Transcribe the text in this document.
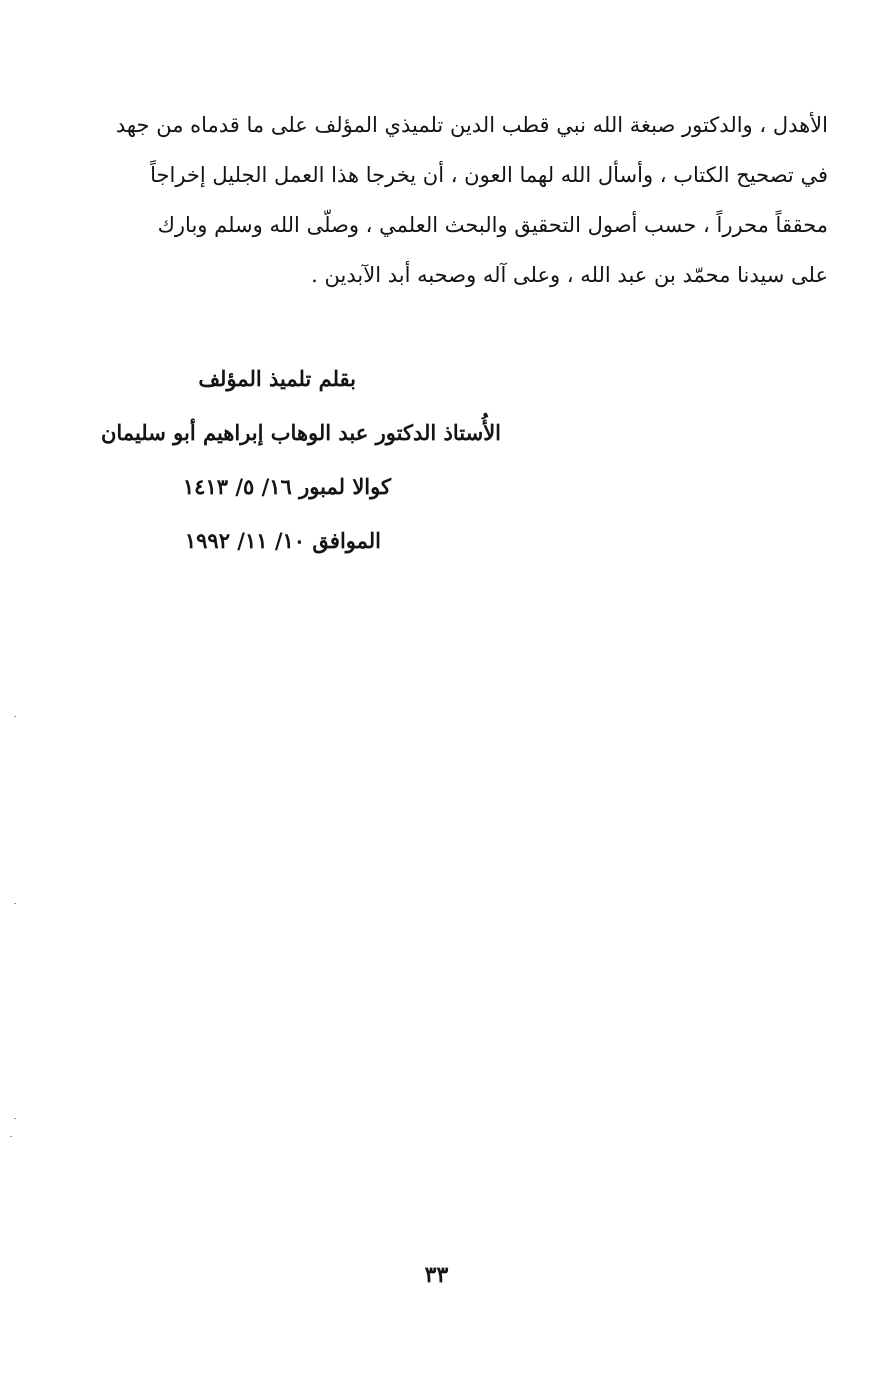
الأهدل ، والدكتور صبغة الله نبي قطب الدين تلميذي المؤلف على ما قدماه من جهد
في تصحيح الكتاب ، وأسأل الله لهما العون ، أن يخرجا هذا العمل الجليل إخراجاً
محققاً محرراً ، حسب أصول التحقيق والبحث العلمي ، وصلّى الله وسلم وبارك
على سيدنا محمّد بن عبد الله ، وعلى آله وصحبه أبد الآبدين .
بقلم تلميذ المؤلف
الأُستاذ الدكتور عبد الوهاب إبراهيم أبو سليمان
كوالا لمبور ١٦/ ٥/ ١٤١٣
الموافق ١٠/ ١١/ ١٩٩٢
٣٣
